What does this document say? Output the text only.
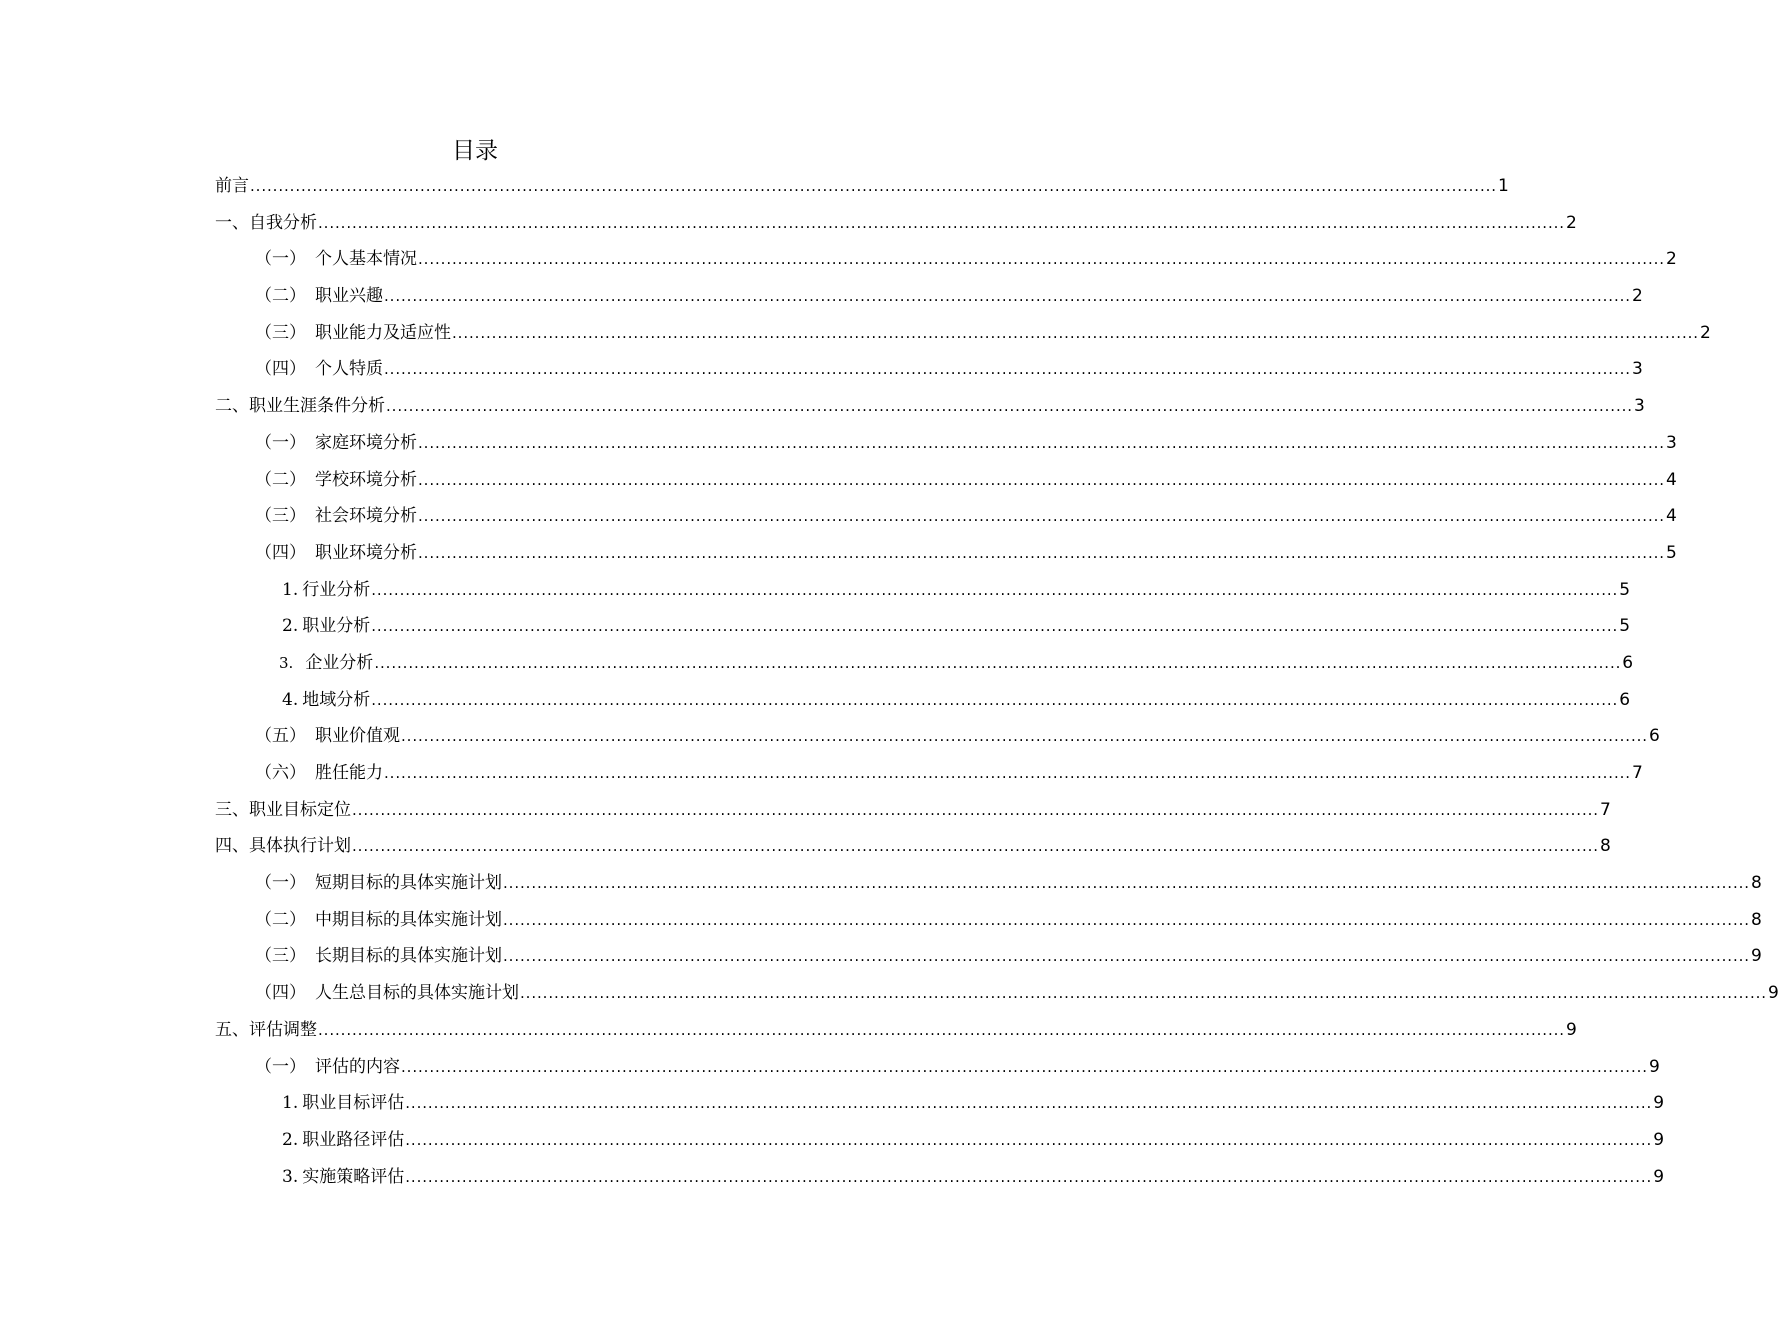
目录
前言 ............................................................................................................................................................................................................................ 1
一、自我分析 ............................................................................................................................................................................................................................ 2
（一） 个人基本情况 ............................................................................................................................................................................................................................ 2
（二） 职业兴趣 ............................................................................................................................................................................................................................ 2
（三） 职业能力及适应性 ............................................................................................................................................................................................................................ 2
（四） 个人特质 ............................................................................................................................................................................................................................ 3
二、职业生涯条件分析 ............................................................................................................................................................................................................................ 3
（一） 家庭环境分析 ............................................................................................................................................................................................................................ 3
（二） 学校环境分析 ............................................................................................................................................................................................................................ 4
（三） 社会环境分析 ............................................................................................................................................................................................................................ 4
（四） 职业环境分析 ............................................................................................................................................................................................................................ 5
1. 行业分析 ............................................................................................................................................................................................................................ 5
2. 职业分析 ............................................................................................................................................................................................................................ 5
3. 企业分析 ............................................................................................................................................................................................................................ 6
4. 地域分析 ............................................................................................................................................................................................................................ 6
（五） 职业价值观 ............................................................................................................................................................................................................................ 6
（六） 胜任能力 ............................................................................................................................................................................................................................ 7
三、职业目标定位 ............................................................................................................................................................................................................................ 7
四、具体执行计划 ............................................................................................................................................................................................................................ 8
（一） 短期目标的具体实施计划 ............................................................................................................................................................................................................................ 8
（二） 中期目标的具体实施计划 ............................................................................................................................................................................................................................ 8
（三） 长期目标的具体实施计划 ............................................................................................................................................................................................................................ 9
（四） 人生总目标的具体实施计划 ............................................................................................................................................................................................................................ 9
五、评估调整 ............................................................................................................................................................................................................................ 9
（一） 评估的内容 ............................................................................................................................................................................................................................ 9
1. 职业目标评估 ............................................................................................................................................................................................................................ 9
2. 职业路径评估 ............................................................................................................................................................................................................................ 9
3. 实施策略评估 ............................................................................................................................................................................................................................ 9
